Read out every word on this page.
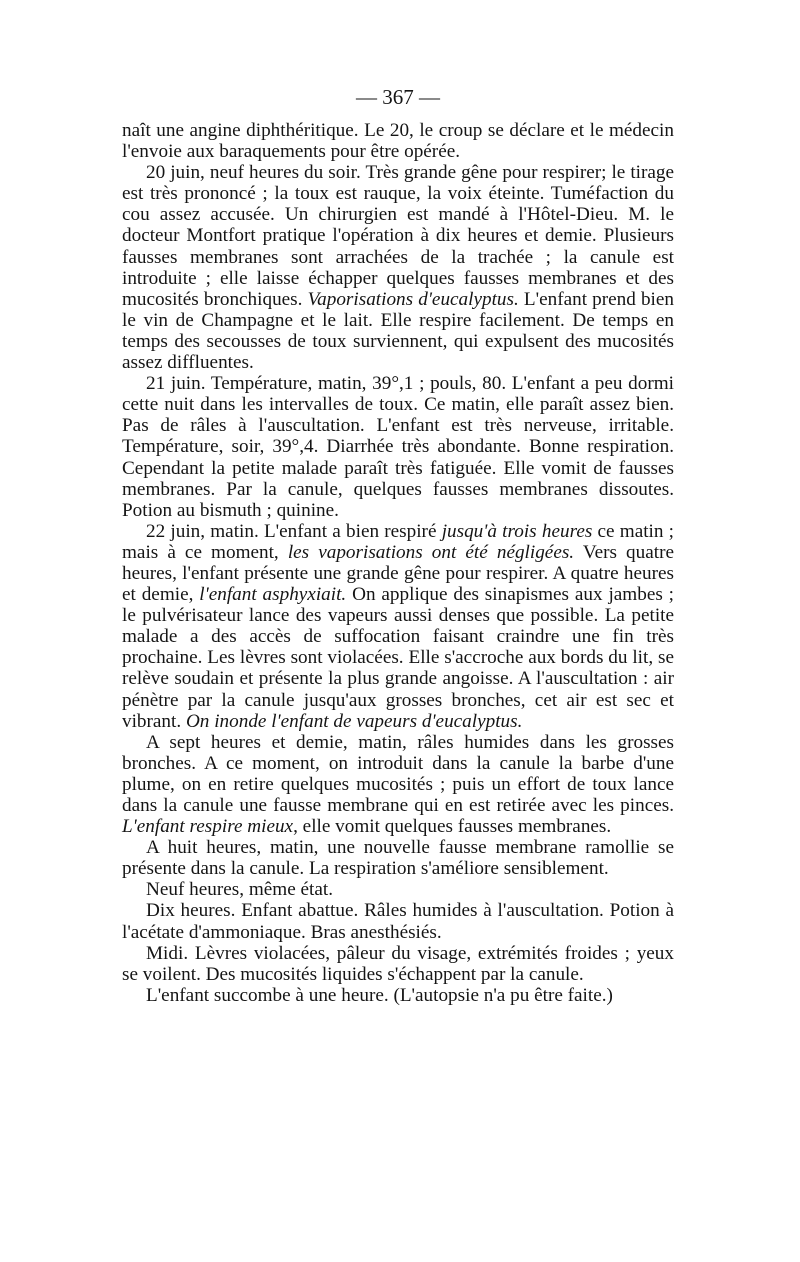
— 367 —

naît une angine diphthéritique. Le 20, le croup se déclare et le médecin l'envoie aux baraquements pour être opérée.

20 juin, neuf heures du soir. Très grande gêne pour respirer; le tirage est très prononcé ; la toux est rauque, la voix éteinte. Tuméfaction du cou assez accusée. Un chirurgien est mandé à l'Hôtel-Dieu. M. le docteur Montfort pratique l'opération à dix heures et demie. Plusieurs fausses membranes sont arrachées de la trachée ; la canule est introduite ; elle laisse échapper quelques fausses membranes et des mucosités bronchiques. Vaporisations d'eucalyptus. L'enfant prend bien le vin de Champagne et le lait. Elle respire facilement. De temps en temps des secousses de toux surviennent, qui expulsent des mucosités assez diffluentes.

21 juin. Température, matin, 39°,1 ; pouls, 80. L'enfant a peu dormi cette nuit dans les intervalles de toux. Ce matin, elle paraît assez bien. Pas de râles à l'auscultation. L'enfant est très nerveuse, irritable. Température, soir, 39°,4. Diarrhée très abondante. Bonne respiration. Cependant la petite malade paraît très fatiguée. Elle vomit de fausses membranes. Par la canule, quelques fausses membranes dissoutes. Potion au bismuth ; quinine.

22 juin, matin. L'enfant a bien respiré jusqu'à trois heures ce matin ; mais à ce moment, les vaporisations ont été négligées. Vers quatre heures, l'enfant présente une grande gêne pour respirer. A quatre heures et demie, l'enfant asphyxiait. On applique des sinapismes aux jambes ; le pulvérisateur lance des vapeurs aussi denses que possible. La petite malade a des accès de suffocation faisant craindre une fin très prochaine. Les lèvres sont violacées. Elle s'accroche aux bords du lit, se relève soudain et présente la plus grande angoisse. A l'auscultation : air pénètre par la canule jusqu'aux grosses bronches, cet air est sec et vibrant. On inonde l'enfant de vapeurs d'eucalyptus.

A sept heures et demie, matin, râles humides dans les grosses bronches. A ce moment, on introduit dans la canule la barbe d'une plume, on en retire quelques mucosités ; puis un effort de toux lance dans la canule une fausse membrane qui en est retirée avec les pinces. L'enfant respire mieux, elle vomit quelques fausses membranes.

A huit heures, matin, une nouvelle fausse membrane ramollie se présente dans la canule. La respiration s'améliore sensiblement.

Neuf heures, même état.

Dix heures. Enfant abattue. Râles humides à l'auscultation. Potion à l'acétate d'ammoniaque. Bras anesthésiés.

Midi. Lèvres violacées, pâleur du visage, extrémités froides ; yeux se voilent. Des mucosités liquides s'échappent par la canule.

L'enfant succombe à une heure. (L'autopsie n'a pu être faite.)
